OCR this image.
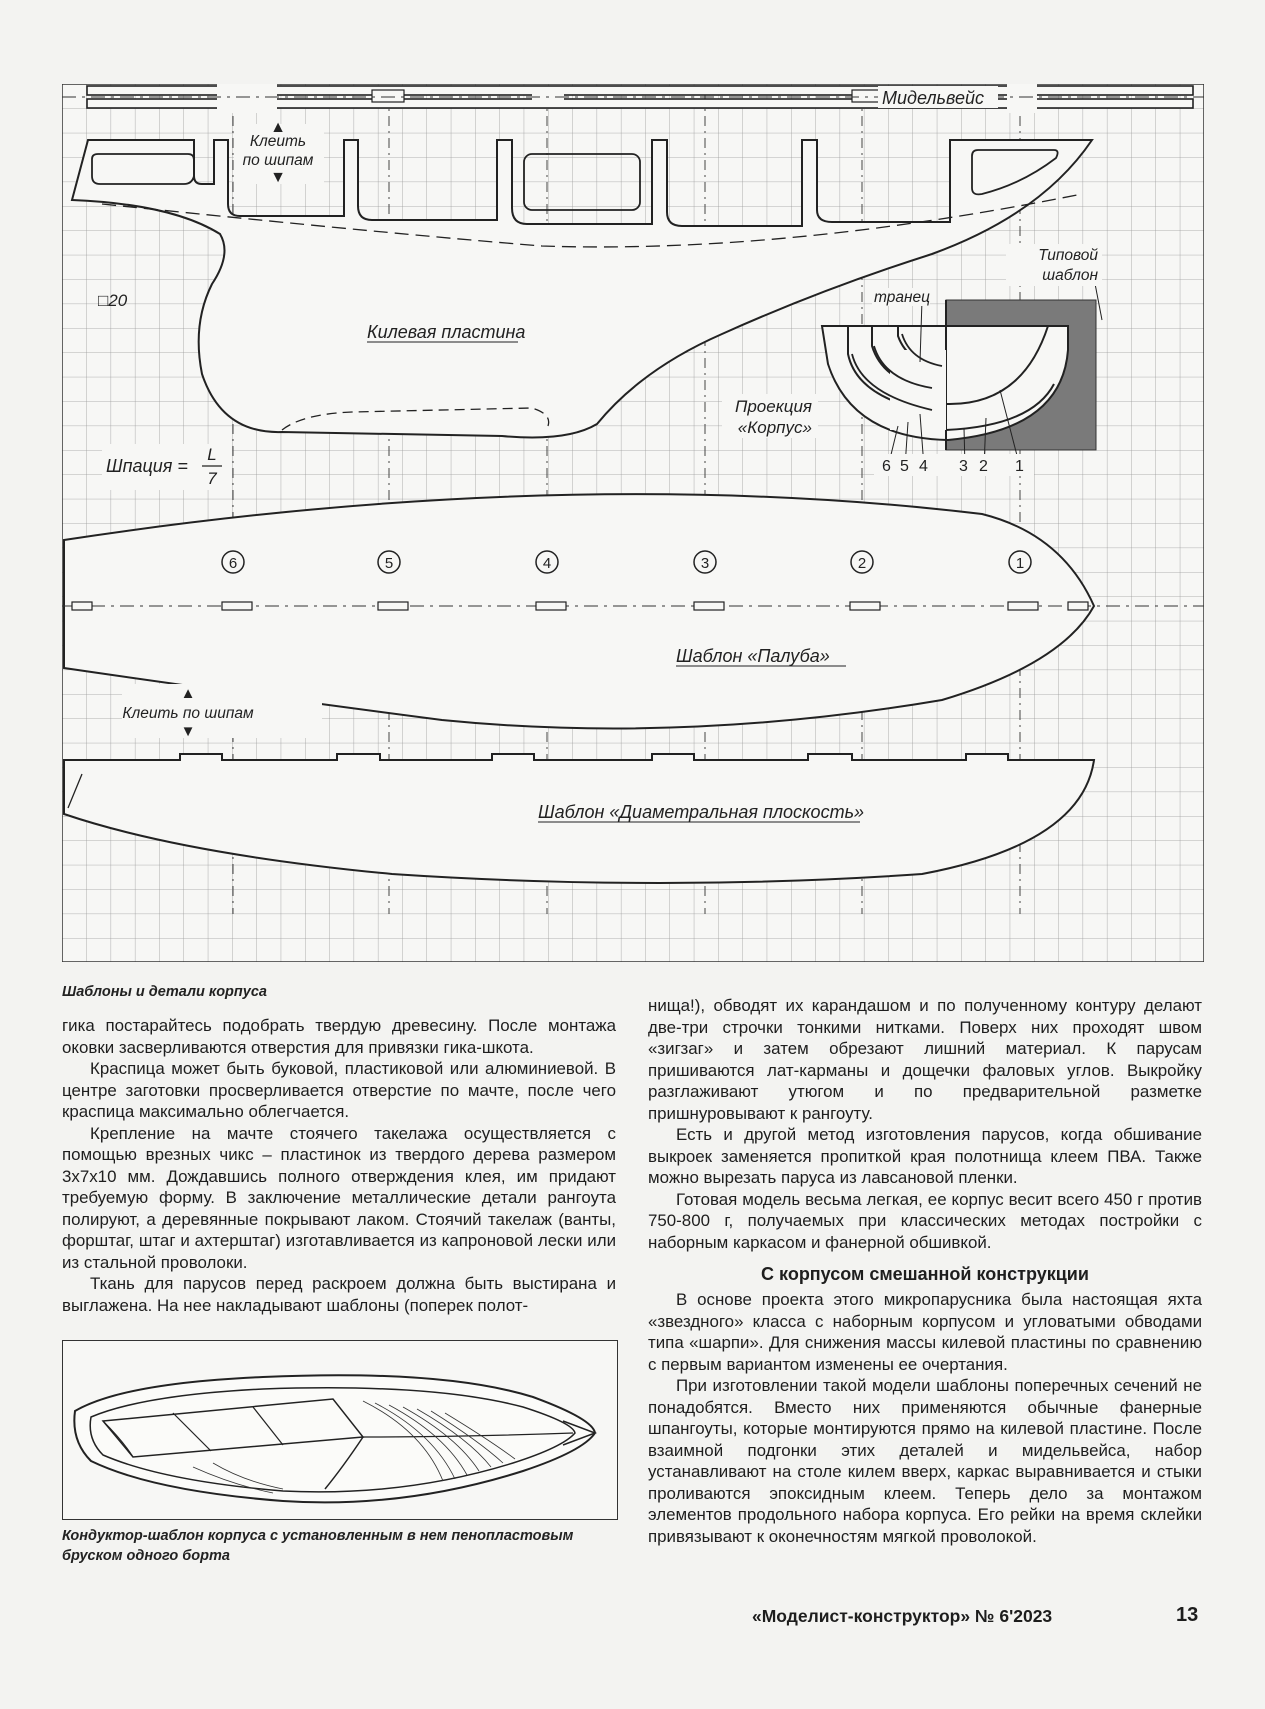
Мидельвейс
▲
Клеить
по шипам
▼
□20
Килевая пластина
транец
Типовой
шаблон
Проекция
«Корпус»
6 5 4 3 2 1
Шпация =
L
7
6	5	4	3	2	1
Шаблон «Палуба»
▲
Клеить по шипам
▼
Шаблон «Диаметральная плоскость»
Шаблоны и детали корпуса

гика постарайтесь подобрать твердую древесину. После монтажа оковки засверливаются отверстия для привязки гика-шкота.

Краспица может быть буковой, пластиковой или алюминиевой. В центре заготовки просверливается отверстие по мачте, после чего краспица максимально облегчается.

Крепление на мачте стоячего такелажа осуществляется с помощью врезных чикс – пластинок из твердого дерева размером 3х7х10 мм. Дождавшись полного отверждения клея, им придают требуемую форму. В заключение металлические детали рангоута полируют, а деревянные покрывают лаком. Стоячий такелаж (ванты, форштаг, штаг и ахтерштаг) изготавливается из капроновой лески или из стальной проволоки.

Ткань для парусов перед раскроем должна быть выстирана и выглажена. На нее накладывают шаблоны (поперек полот-

Кондуктор-шаблон корпуса с установленным в нем пенопластовым бруском одного борта

нища!), обводят их карандашом и по полученному контуру делают две-три строчки тонкими нитками. Поверх них проходят швом «зигзаг» и затем обрезают лишний материал. К парусам пришиваются лат-карманы и дощечки фаловых углов. Выкройку разглаживают утюгом и по предварительной разметке пришнуровывают к рангоуту.

Есть и другой метод изготовления парусов, когда обшивание выкроек заменяется пропиткой края полотнища клеем ПВА. Также можно вырезать паруса из лавсановой пленки.

Готовая модель весьма легкая, ее корпус весит всего 450 г против 750-800 г, получаемых при классических методах постройки с наборным каркасом и фанерной обшивкой.

С корпусом смешанной конструкции

В основе проекта этого микропарусника была настоящая яхта «звездного» класса с наборным корпусом и угловатыми обводами типа «шарпи». Для снижения массы килевой пластины по сравнению с первым вариантом изменены ее очертания.

При изготовлении такой модели шаблоны поперечных сечений не понадобятся. Вместо них применяются обычные фанерные шпангоуты, которые монтируются прямо на килевой пластине. После взаимной подгонки этих деталей и мидельвейса, набор устанавливают на столе килем вверх, каркас выравнивается и стыки проливаются эпоксидным клеем. Теперь дело за монтажом элементов продольного набора корпуса. Его рейки на время склейки привязывают к оконечностям мягкой проволокой.

«Моделист-конструктор» № 6'2023	13
